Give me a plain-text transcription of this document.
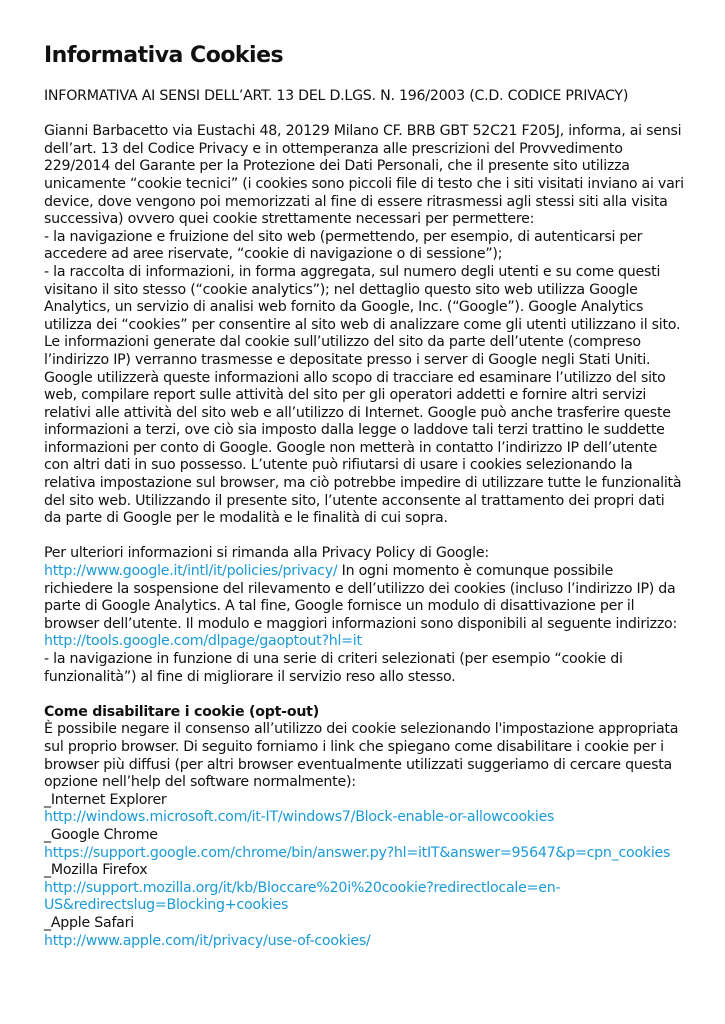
Informativa Cookies

INFORMATIVA AI SENSI DELL’ART. 13 DEL D.LGS. N. 196/2003 (C.D. CODICE PRIVACY)

Gianni Barbacetto via Eustachi 48, 20129 Milano CF. BRB GBT 52C21 F205J, informa, ai sensi dell’art. 13 del Codice Privacy e in ottemperanza alle prescrizioni del Provvedimento 229/2014 del Garante per la Protezione dei Dati Personali, che il presente sito utilizza unicamente “cookie tecnici” (i cookies sono piccoli file di testo che i siti visitati inviano ai vari device, dove vengono poi memorizzati al fine di essere ritrasmessi agli stessi siti alla visita successiva) ovvero quei cookie strettamente necessari per permettere:
- la navigazione e fruizione del sito web (permettendo, per esempio, di autenticarsi per accedere ad aree riservate, “cookie di navigazione o di sessione”);
- la raccolta di informazioni, in forma aggregata, sul numero degli utenti e su come questi visitano il sito stesso (“cookie analytics”); nel dettaglio questo sito web utilizza Google Analytics, un servizio di analisi web fornito da Google, Inc. (“Google”). Google Analytics utilizza dei “cookies” per consentire al sito web di analizzare come gli utenti utilizzano il sito. Le informazioni generate dal cookie sull’utilizzo del sito da parte dell’utente (compreso l’indirizzo IP) verranno trasmesse e depositate presso i server di Google negli Stati Uniti. Google utilizzerà queste informazioni allo scopo di tracciare ed esaminare l’utilizzo del sito web, compilare report sulle attività del sito per gli operatori addetti e fornire altri servizi relativi alle attività del sito web e all’utilizzo di Internet. Google può anche trasferire queste informazioni a terzi, ove ciò sia imposto dalla legge o laddove tali terzi trattino le suddette informazioni per conto di Google. Google non metterà in contatto l’indirizzo IP dell’utente con altri dati in suo possesso. L’utente può rifiutarsi di usare i cookies selezionando la relativa impostazione sul browser, ma ciò potrebbe impedire di utilizzare tutte le funzionalità del sito web. Utilizzando il presente sito, l’utente acconsente al trattamento dei propri dati da parte di Google per le modalità e le finalità di cui sopra.

Per ulteriori informazioni si rimanda alla Privacy Policy di Google:
http://www.google.it/intl/it/policies/privacy/ In ogni momento è comunque possibile richiedere la sospensione del rilevamento e dell’utilizzo dei cookies (incluso l’indirizzo IP) da parte di Google Analytics. A tal fine, Google fornisce un modulo di disattivazione per il browser dell’utente. Il modulo e maggiori informazioni sono disponibili al seguente indirizzo: http://tools.google.com/dlpage/gaoptout?hl=it
- la navigazione in funzione di una serie di criteri selezionati (per esempio “cookie di funzionalità”) al fine di migliorare il servizio reso allo stesso.

Come disabilitare i cookie (opt-out)
È possibile negare il consenso all’utilizzo dei cookie selezionando l'impostazione appropriata sul proprio browser. Di seguito forniamo i link che spiegano come disabilitare i cookie per i browser più diffusi (per altri browser eventualmente utilizzati suggeriamo di cercare questa opzione nell’help del software normalmente):
_Internet Explorer
http://windows.microsoft.com/it-IT/windows7/Block-enable-or-allowcookies
_Google Chrome
https://support.google.com/chrome/bin/answer.py?hl=itIT&answer=95647&p=cpn_cookies
_Mozilla Firefox
http://support.mozilla.org/it/kb/Bloccare%20i%20cookie?redirectlocale=en-US&redirectslug=Blocking+cookies
_Apple Safari
http://www.apple.com/it/privacy/use-of-cookies/
